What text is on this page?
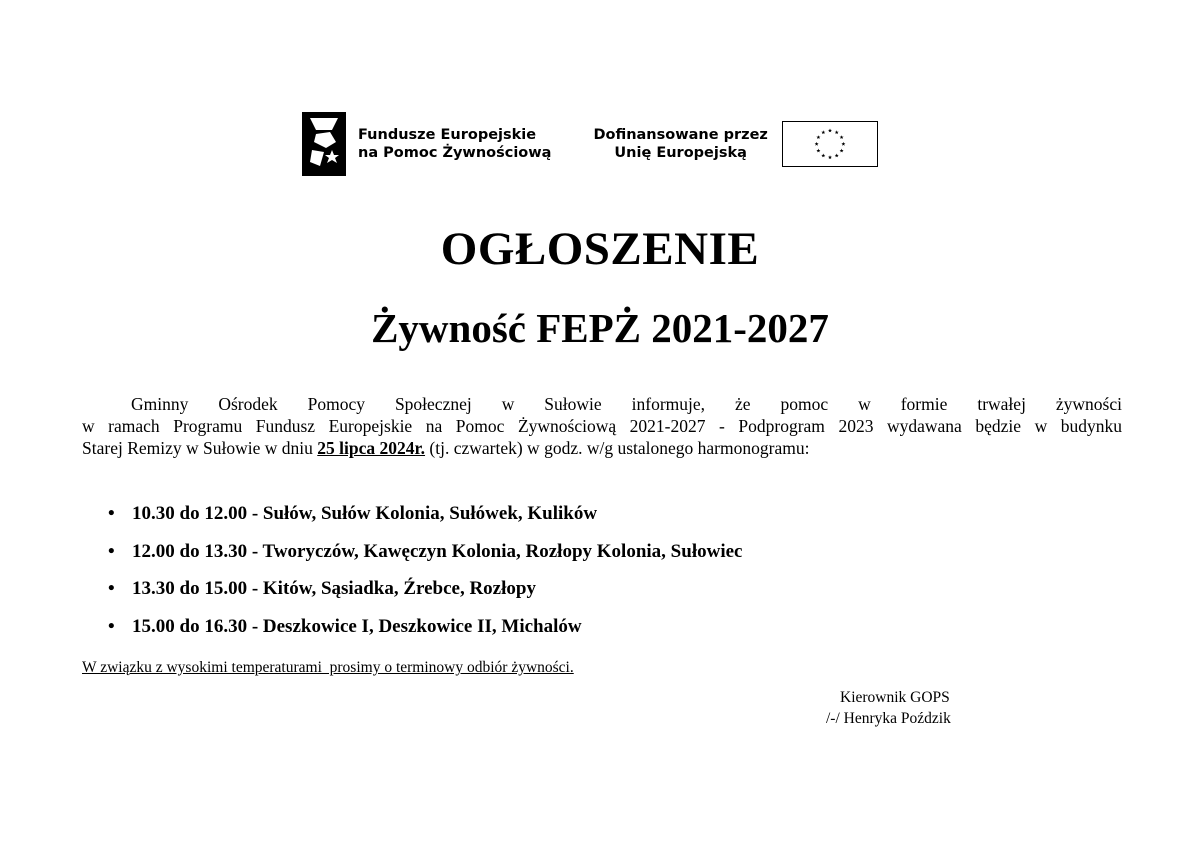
Fundusze Europejskie
na Pomoc Żywnościową
Dofinansowane przez
Unię Europejską
OGŁOSZENIE
Żywność FEPŻ 2021-2027

Gminny Ośrodek Pomocy Społecznej w Sułowie informuje, że pomoc w formie trwałej żywności
w ramach Programu Fundusz Europejskie na Pomoc Żywnościową 2021-2027 - Podprogram 2023 wydawana będzie w budynku
Starej Remizy w Sułowie w dniu 25 lipca 2024r. (tj. czwartek) w godz. w/g ustalonego harmonogramu:

• 10.30 do 12.00 - Sułów, Sułów Kolonia, Sułówek, Kulików
• 12.00 do 13.30 - Tworyczów, Kawęczyn Kolonia, Rozłopy Kolonia, Sułowiec
• 13.30 do 15.00 - Kitów, Sąsiadka, Źrebce, Rozłopy
• 15.00 do 16.30 - Deszkowice I, Deszkowice II, Michalów

W związku z wysokimi temperaturami  prosimy o terminowy odbiór żywności.

Kierownik GOPS
/-/ Henryka Poździk
